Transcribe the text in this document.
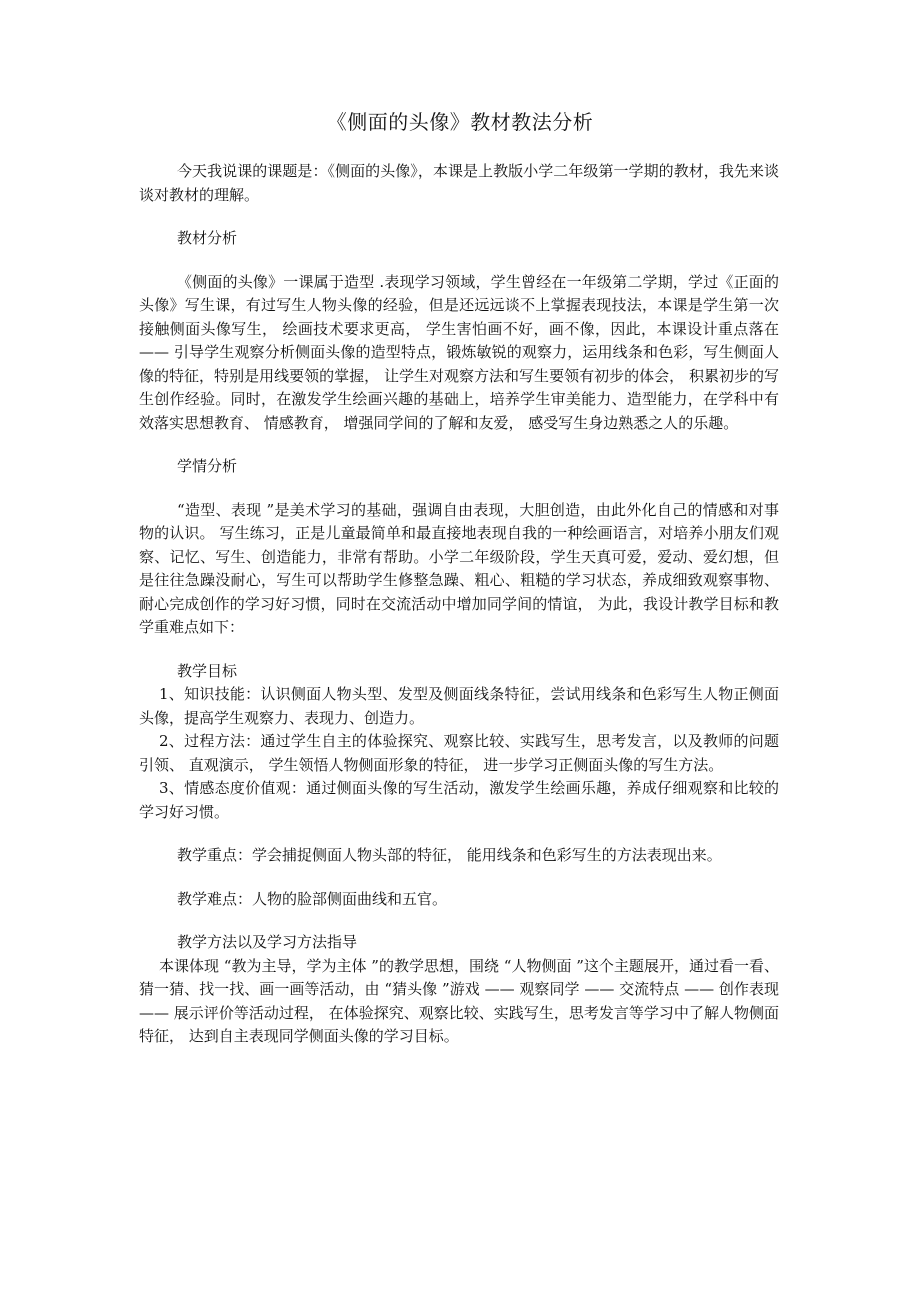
《侧面的头像》教材教法分析

今天我说课的课题是：《侧面的头像》，本课是上教版小学二年级第一学期的教材，我先来谈谈对教材的理解。

教材分析

《侧面的头像》一课属于造型 .表现学习领域，学生曾经在一年级第二学期，学过《正面的头像》写生课，有过写生人物头像的经验，但是还远远谈不上掌握表现技法，本课是学生第一次接触侧面头像写生， 绘画技术要求更高， 学生害怕画不好，画不像，因此，本课设计重点落在 —— 引导学生观察分析侧面头像的造型特点，锻炼敏锐的观察力，运用线条和色彩，写生侧面人像的特征，特别是用线要领的掌握， 让学生对观察方法和写生要领有初步的体会， 积累初步的写生创作经验。同时，在激发学生绘画兴趣的基础上，培养学生审美能力、造型能力，在学科中有效落实思想教育、 情感教育， 增强同学间的了解和友爱， 感受写生身边熟悉之人的乐趣。

学情分析

“造型、表现 ”是美术学习的基础，强调自由表现，大胆创造，由此外化自己的情感和对事物的认识。 写生练习，正是儿童最简单和最直接地表现自我的一种绘画语言，对培养小朋友们观察、记忆、写生、创造能力，非常有帮助。小学二年级阶段，学生天真可爱，爱动、爱幻想，但是往往急躁没耐心，写生可以帮助学生修整急躁、粗心、粗糙的学习状态，养成细致观察事物、耐心完成创作的学习好习惯，同时在交流活动中增加同学间的情谊， 为此，我设计教学目标和教学重难点如下：

教学目标

1、知识技能：认识侧面人物头型、发型及侧面线条特征，尝试用线条和色彩写生人物正侧面头像，提高学生观察力、表现力、创造力。

2、过程方法：通过学生自主的体验探究、观察比较、实践写生，思考发言，以及教师的问题引领、 直观演示， 学生领悟人物侧面形象的特征， 进一步学习正侧面头像的写生方法。

3、情感态度价值观：通过侧面头像的写生活动，激发学生绘画乐趣，养成仔细观察和比较的学习好习惯。

教学重点：学会捕捉侧面人物头部的特征， 能用线条和色彩写生的方法表现出来。

教学难点：人物的脸部侧面曲线和五官。

教学方法以及学习方法指导

本课体现 “教为主导，学为主体 ”的教学思想，围绕 “人物侧面 ”这个主题展开，通过看一看、猜一猜、找一找、画一画等活动，由 “猜头像 ”游戏 —— 观察同学 —— 交流特点 —— 创作表现 —— 展示评价等活动过程， 在体验探究、观察比较、实践写生，思考发言等学习中了解人物侧面特征， 达到自主表现同学侧面头像的学习目标。
